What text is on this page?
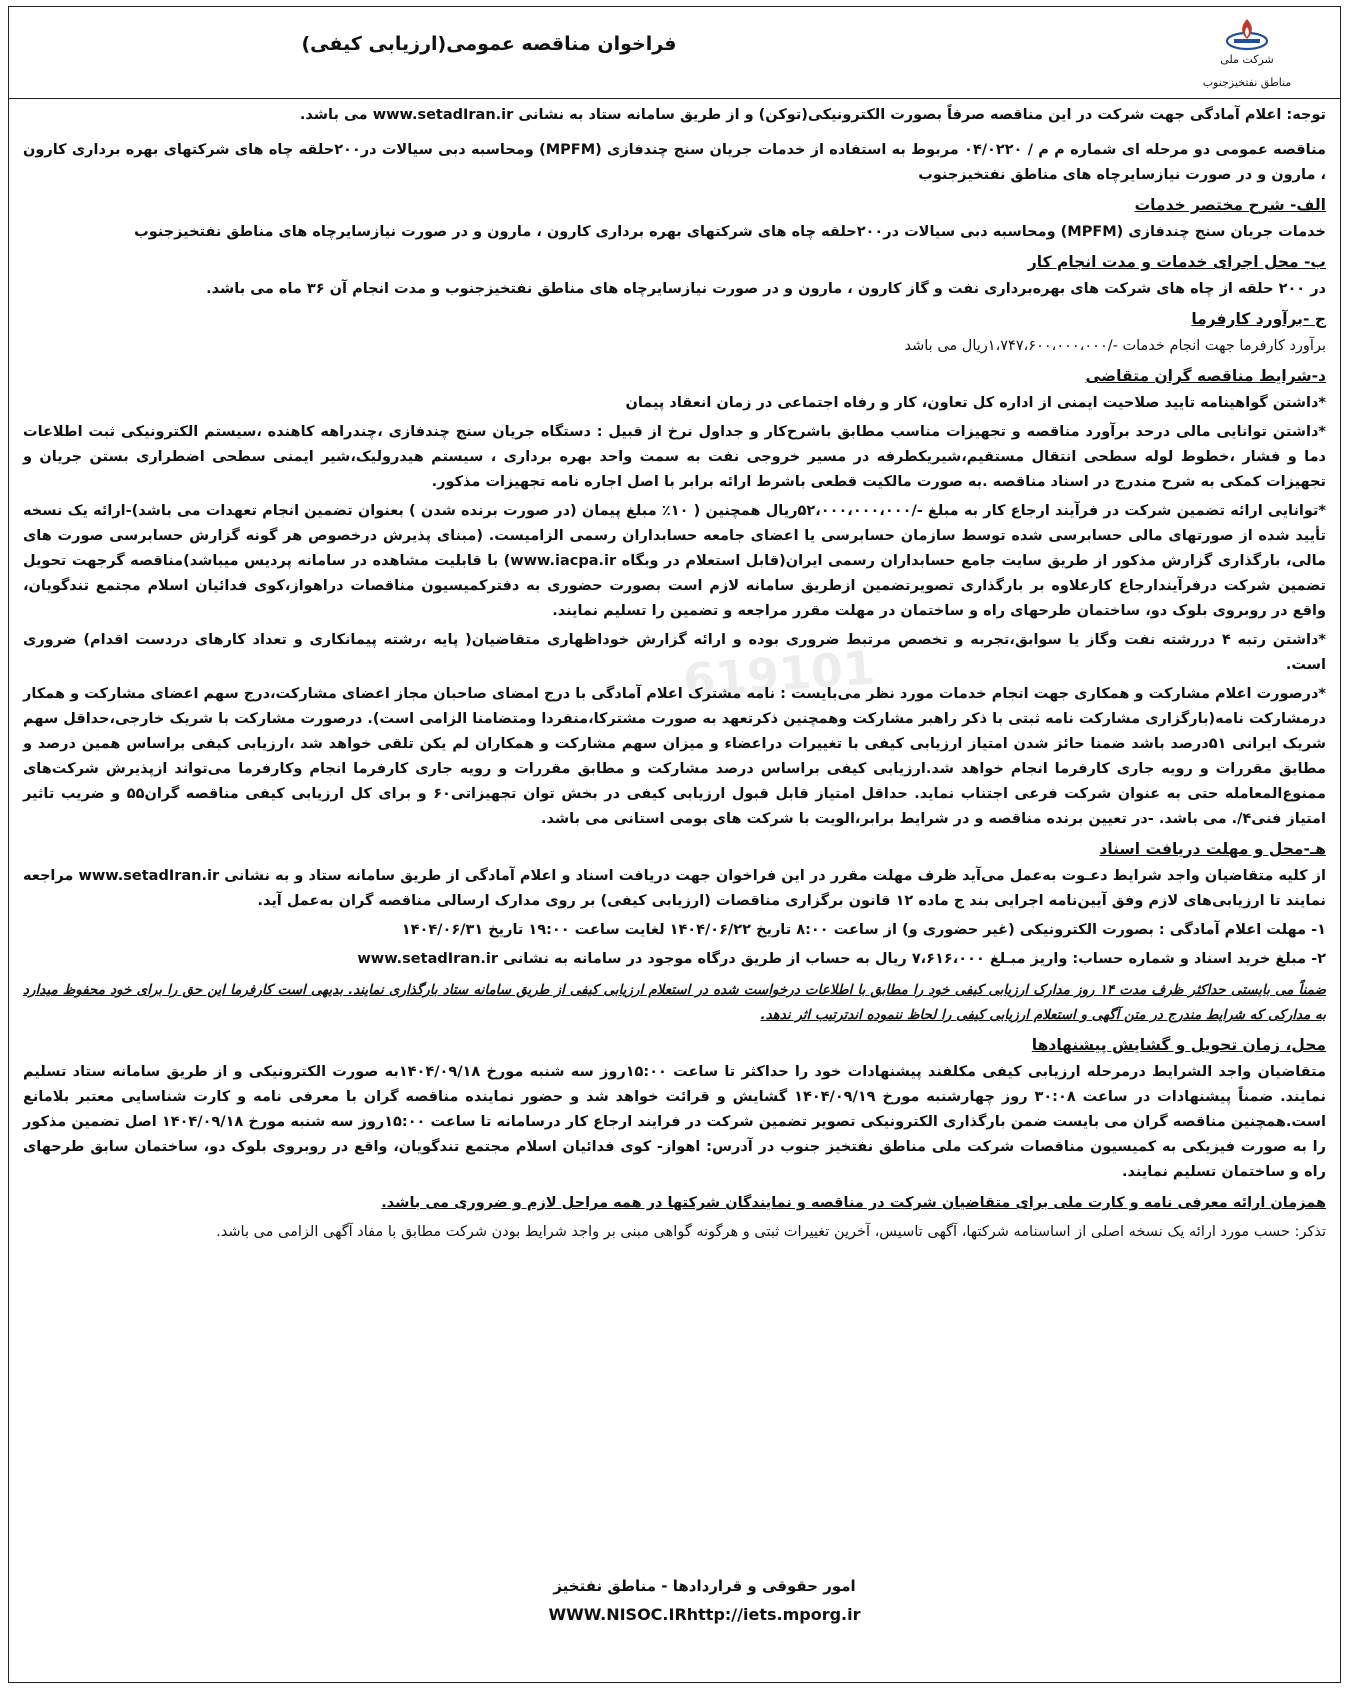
فراخوان مناقصه عمومی(ارزیابی کیفی)
شرکت ملی
مناطق نفتخیزجنوب

توجه: اعلام آمادگی جهت شرکت در این مناقصه صرفاً بصورت الکترونیکی(توکن) و از طریق سامانه ستاد به نشانی www.setadIran.ir می باشد.

مناقصه عمومی دو مرحله ای شماره م م / ۰۴/۰۲۲۰ مربوط به استفاده از خدمات جریان سنج چندفازی (MPFM) ومحاسبه دبی سیالات در۲۰۰حلقه چاه های شرکتهای بهره برداری کارون ، مارون و در صورت نیازسایرچاه های مناطق نفتخیزجنوب

الف- شرح مختصر خدمات

خدمات جریان سنج چندفازی (MPFM) ومحاسبه دبی سیالات در۲۰۰حلقه چاه های شرکتهای بهره برداری کارون ، مارون و در صورت نیازسایرچاه های مناطق نفتخیزجنوب

ب- محل اجرای خدمات و مدت انجام کار

در ۲۰۰ حلقه از چاه های شرکت های بهره‌برداری نفت و گاز کارون ، مارون و در صورت نیازسایرچاه های مناطق نفتخیزجنوب و مدت انجام آن ۳۶ ماه می باشد.

ج -برآورد کارفرما

برآورد کارفرما جهت انجام خدمات -/۱،۷۴۷،۶۰۰،۰۰۰،۰۰۰ریال می باشد

د-شرایط مناقصه گران متقاضی

*داشتن گواهینامه تایید صلاحیت ایمنی از اداره کل تعاون، کار و رفاه اجتماعی در زمان انعقاد پیمان

*داشتن توانایی مالی درحد برآورد مناقصه و تجهیزات مناسب مطابق باشرح‌کار و جداول نرخ از قبیل : دستگاه جریان سنج چندفازی ،چندراهه کاهنده ،سیستم الکترونیکی ثبت اطلاعات دما و فشار ،خطوط لوله سطحی انتقال مستقیم،شیریکطرفه در مسیر خروجی نفت به سمت واحد بهره برداری ، سیستم هیدرولیک،شیر ایمنی سطحی اضطراری بستن جریان و تجهیزات کمکی به شرح مندرج در اسناد مناقصه .به صورت مالکیت قطعی باشرط ارائه برابر با اصل اجاره نامه تجهیزات مذکور.

*توانایی ارائه تضمین شرکت در فرآیند ارجاع کار به مبلغ -/۵۲،۰۰۰،۰۰۰،۰۰۰ریال همچنین ( ۱۰٪ مبلغ پیمان (در صورت برنده شدن ) بعنوان تضمین انجام تعهدات می باشد)-ارائه یک نسخه تأیید شده از صورتهای مالی حسابرسی شده توسط سازمان حسابرسی یا اعضای جامعه حسابداران رسمی الزامیست. (مبنای پذیرش درخصوص هر گونه گزارش حسابرسی صورت های مالی، بارگذاری گزارش مذکور از طریق سایت جامع حسابداران رسمی ایران(قابل استعلام در وبگاه www.iacpa.ir) با قابلیت مشاهده در سامانه پردیس میباشد)مناقصه گرجهت تحویل تضمین شرکت درفرآیندارجاع کارعلاوه بر بارگذاری تصویرتضمین ازطریق سامانه لازم است بصورت حضوری به دفترکمیسیون مناقصات دراهواز،کوی فدائیان اسلام مجتمع تندگویان، واقع در روبروی بلوک دو، ساختمان طرحهای راه و ساختمان در مهلت مقرر مراجعه و تضمین را تسلیم نمایند.

*داشتن رتبه ۴ دررشته نفت وگاز یا سوابق،تجربه و تخصص مرتبط ضروری بوده و ارائه گزارش خوداظهاری متقاضیان( پایه ،رشته پیمانکاری و تعداد کارهای دردست اقدام) ضروری است.

*درصورت اعلام مشارکت و همکاری جهت انجام خدمات مورد نظر می‌بایست : نامه مشترک اعلام آمادگی با درج امضای صاحبان مجاز اعضای مشارکت،درج سهم اعضای مشارکت و همکار درمشارکت نامه(بارگزاری مشارکت نامه ثبتی با ذکر راهبر مشارکت وهمچنین ذکرتعهد به صورت مشترکا،منفردا ومتضامنا الزامی است). درصورت مشارکت با شریک خارجی،حداقل سهم شریک ایرانی ۵۱درصد باشد ضمنا حائز شدن امتیاز ارزیابی کیفی با تغییرات دراعضاء و میزان سهم مشارکت و همکاران لم یکن تلقی خواهد شد ،ارزیابی کیفی براساس همین درصد و مطابق مقررات و رویه جاری کارفرما انجام خواهد شد.ارزیابی کیفی براساس درصد مشارکت و مطابق مقررات و رویه جاری کارفرما انجام وکارفرما می‌تواند ازپذیرش شرکت‌های ممنوع‌المعامله حتی به عنوان شرکت فرعی اجتناب نماید. حداقل امتیاز قابل قبول ارزیابی کیفی در بخش توان تجهیزاتی۶۰ و برای کل ارزیابی کیفی مناقصه گران۵۵ و ضریب تاثیر امتیاز فنی۴/. می باشد. -در تعیین برنده مناقصه و در شرایط برابر،الویت با شرکت های بومی استانی می باشد.

هـ-محل و مهلت دریافت اسناد

از کلیه متقاضیان واجد شرایط دعـوت به‌عمل می‌آید ظرف مهلت مقرر در این فراخوان جهت دریافت اسناد و اعلام آمادگی از طریق سامانه ستاد و به نشانی www.setadIran.ir مراجعه نمایند تا ارزیابی‌های لازم وفق آیین‌نامه اجرایی بند ج ماده ۱۲ قانون برگزاری مناقصات (ارزیابی کیفی) بر روی مدارک ارسالی مناقصه گران به‌عمل آید.

۱- مهلت اعلام آمادگی : بصورت الکترونیکی (غیر حضوری و) از ساعت ۸:۰۰ تاریخ ۱۴۰۴/۰۶/۲۲ لغایت ساعت ۱۹:۰۰ تاریخ ۱۴۰۴/۰۶/۳۱

۲- مبلغ خرید اسناد و شماره حساب: واریز مبـلغ ۷،۶۱۶،۰۰۰ ریال به حساب از طریق درگاه موجود در سامانه به نشانی www.setadIran.ir

ضمناً می بایستی حداکثر ظرف مدت ۱۴ روز مدارک ارزیابی کیفی خود را مطابق با اطلاعات درخواست شده در استعلام ارزیابی کیفی از طریق سامانه ستاد بارگذاری نمایند. بدیهی است کارفرما این حق را برای خود محفوظ میدارد به مدارکی که شرایط مندرج در متن آگهی و استعلام ارزیابی کیفی را لحاظ ننموده اندترتیب اثر ندهد.

محل، زمان تحویل و گشایش پیشنهادها

متقاضیان واجد الشرایط درمرحله ارزیابی کیفی مکلفند پیشنهادات خود را حداکثر تا ساعت ۱۵:۰۰روز سه شنبه مورخ ۱۴۰۴/۰۹/۱۸به صورت الکترونیکی و از طریق سامانه ستاد تسلیم نمایند. ضمناً پیشنهادات در ساعت ۳۰:۰۸ روز چهارشنبه مورخ ۱۴۰۴/۰۹/۱۹ گشایش و قرائت خواهد شد و حضور نماینده مناقصه گران با معرفی نامه و کارت شناسایی معتبر بلامانع است.همچنین مناقصه گران می بایست ضمن بارگذاری الکترونیکی تصویر تضمین شرکت در فرایند ارجاع کار درسامانه تا ساعت ۱۵:۰۰روز سه شنبه مورخ ۱۴۰۴/۰۹/۱۸ اصل تضمین مذکور را به صورت فیزیکی به کمیسیون مناقصات شرکت ملی مناطق نفتخیز جنوب در آدرس: اهواز- کوی فدائیان اسلام مجتمع تندگویان، واقع در روبروی بلوک دو، ساختمان سابق طرحهای راه و ساختمان تسلیم نمایند.

همزمان ارائه معرفی نامه و کارت ملی برای متقاضیان شرکت در مناقصه و نمایندگان شرکتها در همه مراحل لازم و ضروری می باشد.

تذکر: حسب مورد ارائه یک نسخه اصلی از اساسنامه شرکتها، آگهی تاسیس، آخرین تغییرات ثبتی و هرگونه گواهی مبنی بر واجد شرایط بودن شرکت مطابق با مفاد آگهی الزامی می باشد.

امور حقوقی و قراردادها - مناطق نفتخیز
WWW.NISOC.IRhttp://iets.mporg.ir
619101
